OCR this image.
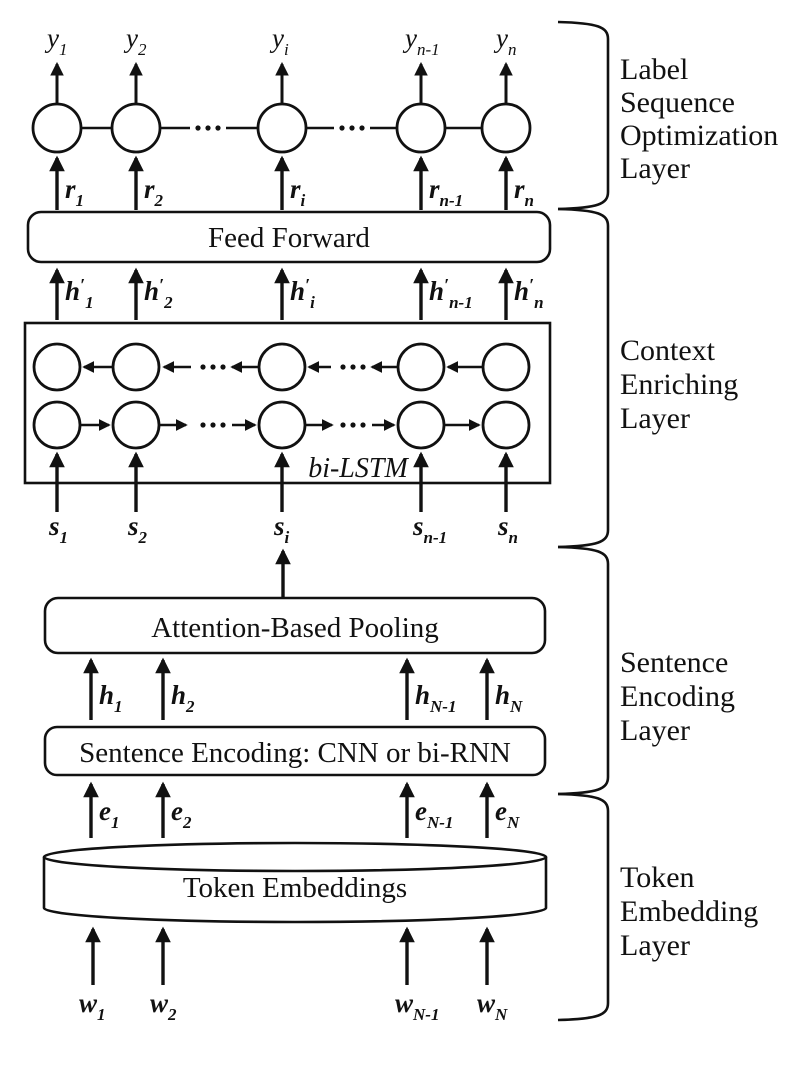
$y_1$ $y_2$	$y_i$	$y_{n-1}$ $y_n$
$r_1$ $r_2$	$r_i$	$r_{n-1}$ $r_n$
Feed Forward
$h'_1$ $h'_2$	$h'_i$	$h'_{n-1}$ $h'_n$
bi-LSTM
$s_1$ $s_2$	$s_i$	$s_{n-1}$ $s_n$
Attention-Based Pooling
$h_1$ $h_2$	$h_{N-1}$ $h_N$
Sentence Encoding: CNN or bi-RNN
$e_1$ $e_2$	$e_{N-1}$ $e_N$
Token Embeddings
$w_1$ $w_2$	$w_{N-1}$ $w_N$
Label
Sequence
Optimization
Layer
Context
Enriching
Layer
Sentence
Encoding
Layer
Token
Embedding
Layer
